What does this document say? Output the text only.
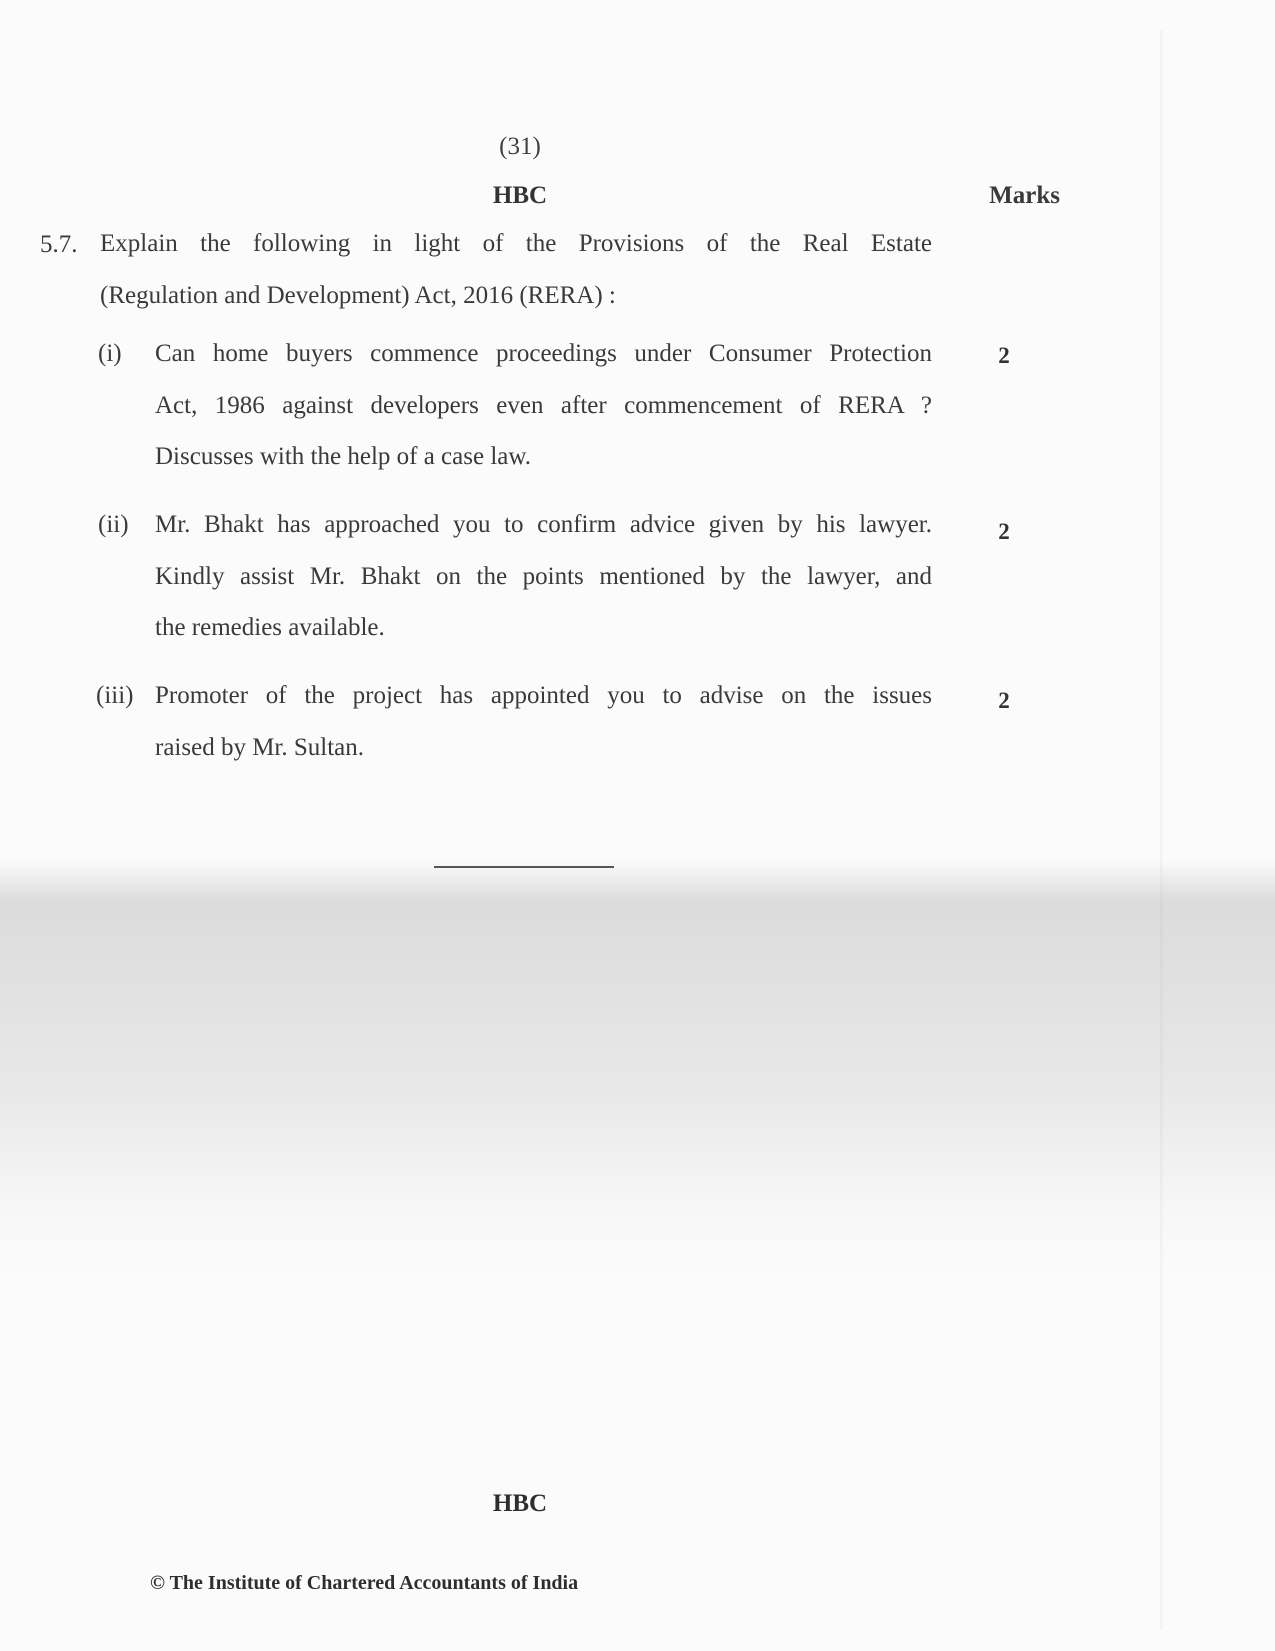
(31)
HBC	Marks
5.7. Explain the following in light of the Provisions of the Real Estate
(Regulation and Development) Act, 2016 (RERA) :
(i) Can home buyers commence proceedings under Consumer Protection
Act, 1986 against developers even after commencement of RERA ?
Discusses with the help of a case law.
2
(ii) Mr. Bhakt has approached you to confirm advice given by his lawyer.
Kindly assist Mr. Bhakt on the points mentioned by the lawyer, and
the remedies available.
2
(iii) Promoter of the project has appointed you to advise on the issues
raised by Mr. Sultan.
2
HBC
© The Institute of Chartered Accountants of India
